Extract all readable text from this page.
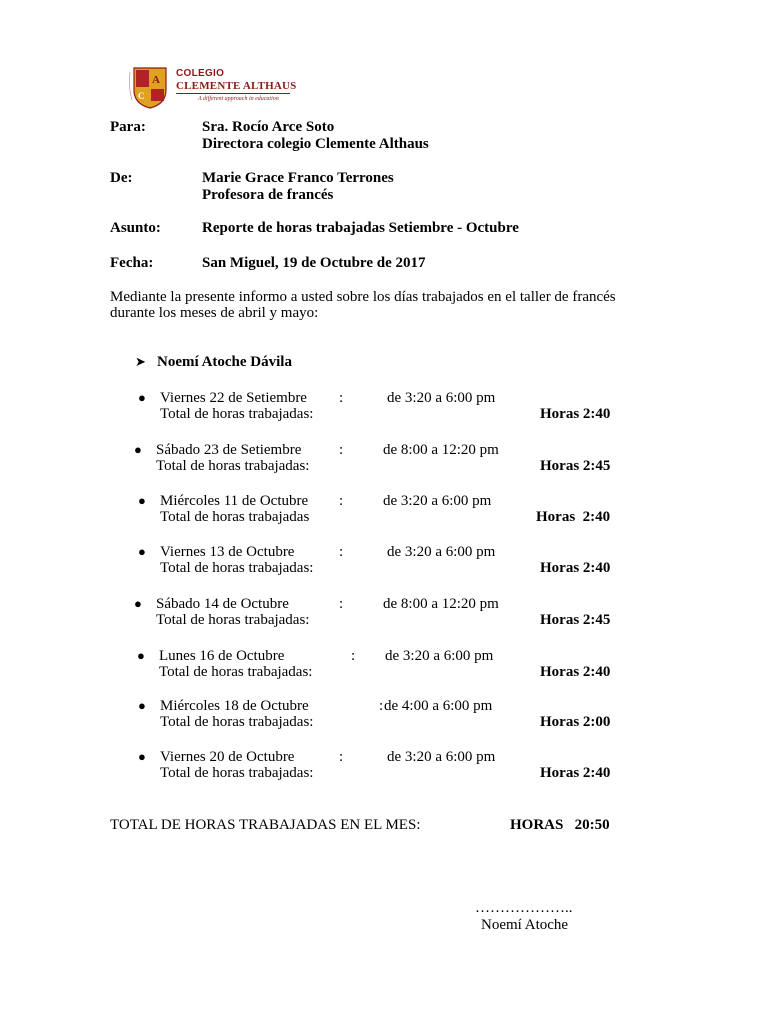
A
C
COLEGIO
CLEMENTE ALTHAUS
A different approach in education
Para:	Sra. Rocío Arce Soto
Directora colegio Clemente Althaus
De:	Marie Grace Franco Terrones
Profesora de francés
Asunto:	Reporte de horas trabajadas Setiembre - Octubre
Fecha:	San Miguel, 19 de Octubre de 2017
Mediante la presente informo a usted sobre los días trabajados en el taller de francés
durante los meses de abril y mayo:
➤ Noemí Atoche Dávila
● Viernes 22 de Setiembre :	de 3:20 a 6:00 pm
Total de horas trabajadas:	Horas 2:40
● Sábado 23 de Setiembre	:	de 8:00 a 12:20 pm
Total de horas trabajadas:	Horas 2:45
● Miércoles 11 de Octubre :	de 3:20 a 6:00 pm
Total de horas trabajadas	Horas  2:40
● Viernes 13 de Octubre	:	de 3:20 a 6:00 pm
Total de horas trabajadas:	Horas 2:40
● Sábado 14 de Octubre	:	de 8:00 a 12:20 pm
Total de horas trabajadas:	Horas 2:45
● Lunes 16 de Octubre	: de 3:20 a 6:00 pm
Total de horas trabajadas:	Horas 2:40
● Miércoles 18 de Octubre	: de 4:00 a 6:00 pm
Total de horas trabajadas:	Horas 2:00
● Viernes 20 de Octubre	:	de 3:20 a 6:00 pm
Total de horas trabajadas:	Horas 2:40
TOTAL DE HORAS TRABAJADAS EN EL MES:	HORAS   20:50
………………..
Noemí Atoche
